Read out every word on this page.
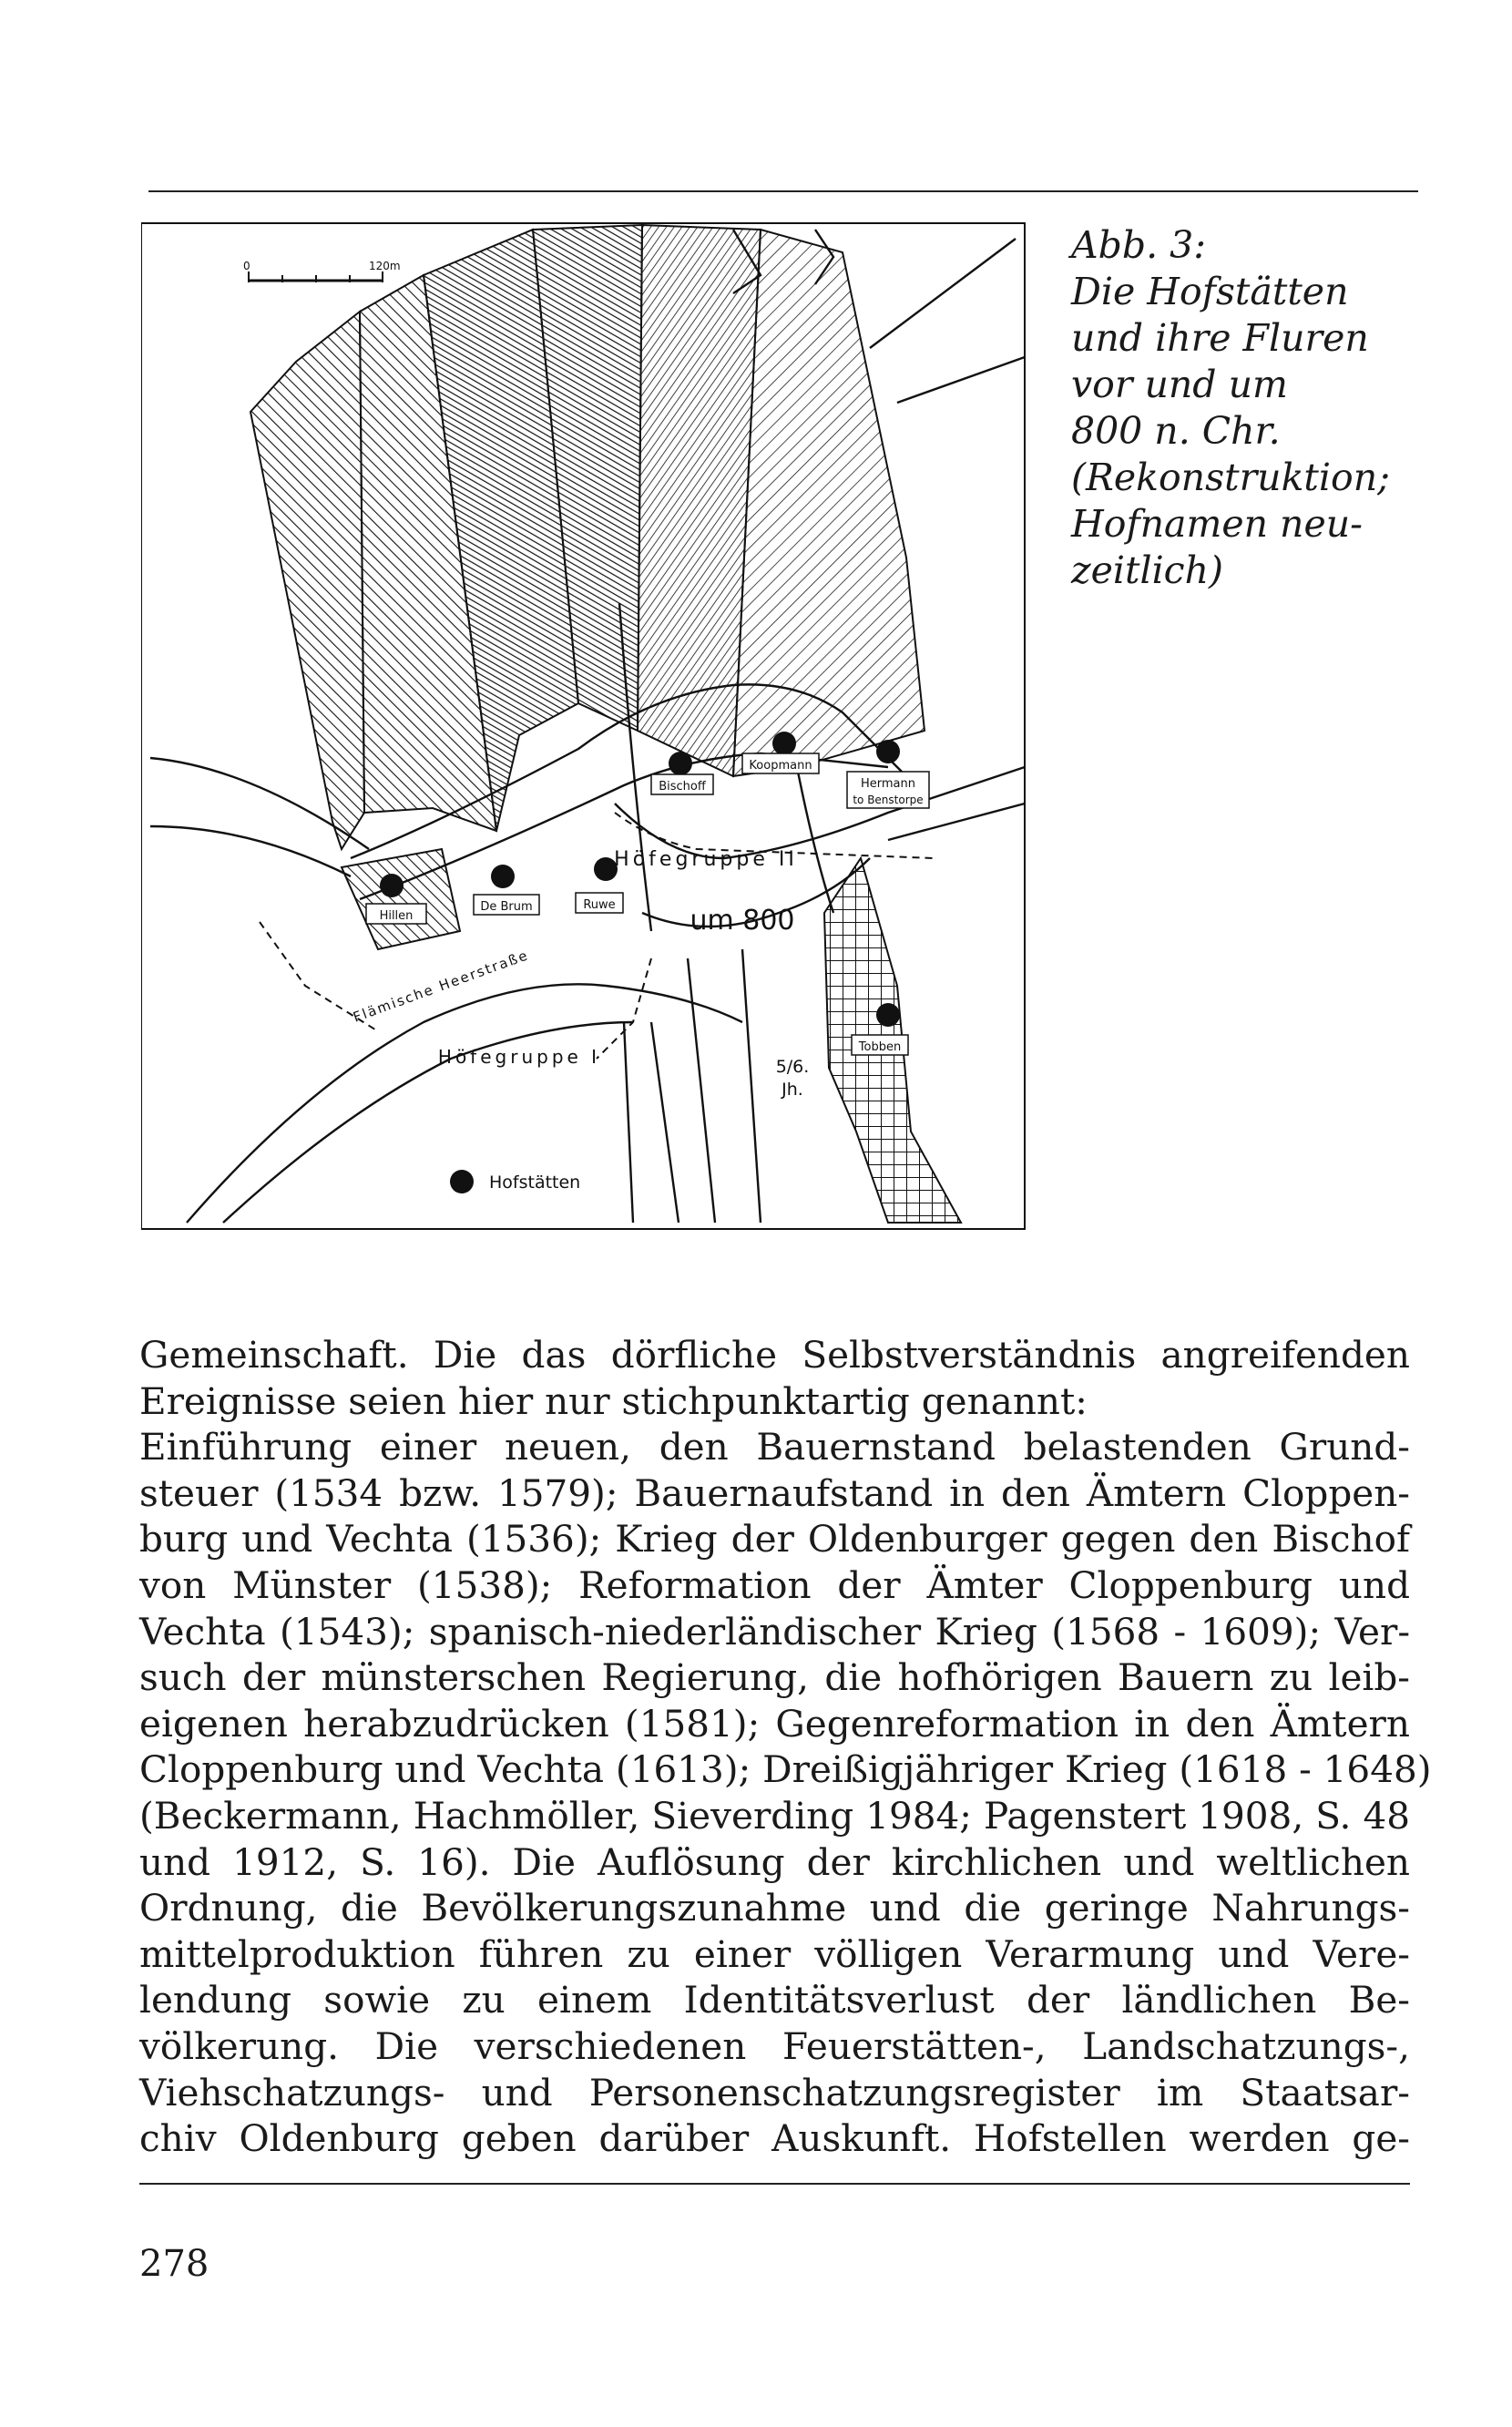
0	120m
Hillen
De Brum	Ruwe
Bischoff
Koopmann
Hermann
to Benstorpe
Tobben
Höfegruppe II
Höfegruppe I
Flämische Heerstraße
um 800
5/6.
Jh.
Hofstätten
Abb. 3:
Die Hofstätten
und ihre Fluren
vor und um
800 n. Chr.
(Rekonstruktion;
Hofnamen neu-
zeitlich)
Gemeinschaft. Die das dörfliche Selbstverständnis angreifenden
Ereignisse seien hier nur stichpunktartig genannt:
Einführung einer neuen, den Bauernstand belastenden Grund-
steuer (1534 bzw. 1579); Bauernaufstand in den Ämtern Cloppen-
burg und Vechta (1536); Krieg der Oldenburger gegen den Bischof
von Münster (1538); Reformation der Ämter Cloppenburg und
Vechta (1543); spanisch-niederländischer Krieg (1568 - 1609); Ver-
such der münsterschen Regierung, die hofhörigen Bauern zu leib-
eigenen herabzudrücken (1581); Gegenreformation in den Ämtern
Cloppenburg und Vechta (1613); Dreißigjähriger Krieg (1618 - 1648)
(Beckermann, Hachmöller, Sieverding 1984; Pagenstert 1908, S. 48
und 1912, S. 16). Die Auflösung der kirchlichen und weltlichen
Ordnung, die Bevölkerungszunahme und die geringe Nahrungs-
mittelproduktion führen zu einer völligen Verarmung und Vere-
lendung sowie zu einem Identitätsverlust der ländlichen Be-
völkerung. Die verschiedenen Feuerstätten-, Landschatzungs-,
Viehschatzungs- und Personenschatzungsregister im Staatsar-
chiv Oldenburg geben darüber Auskunft. Hofstellen werden ge-
278
